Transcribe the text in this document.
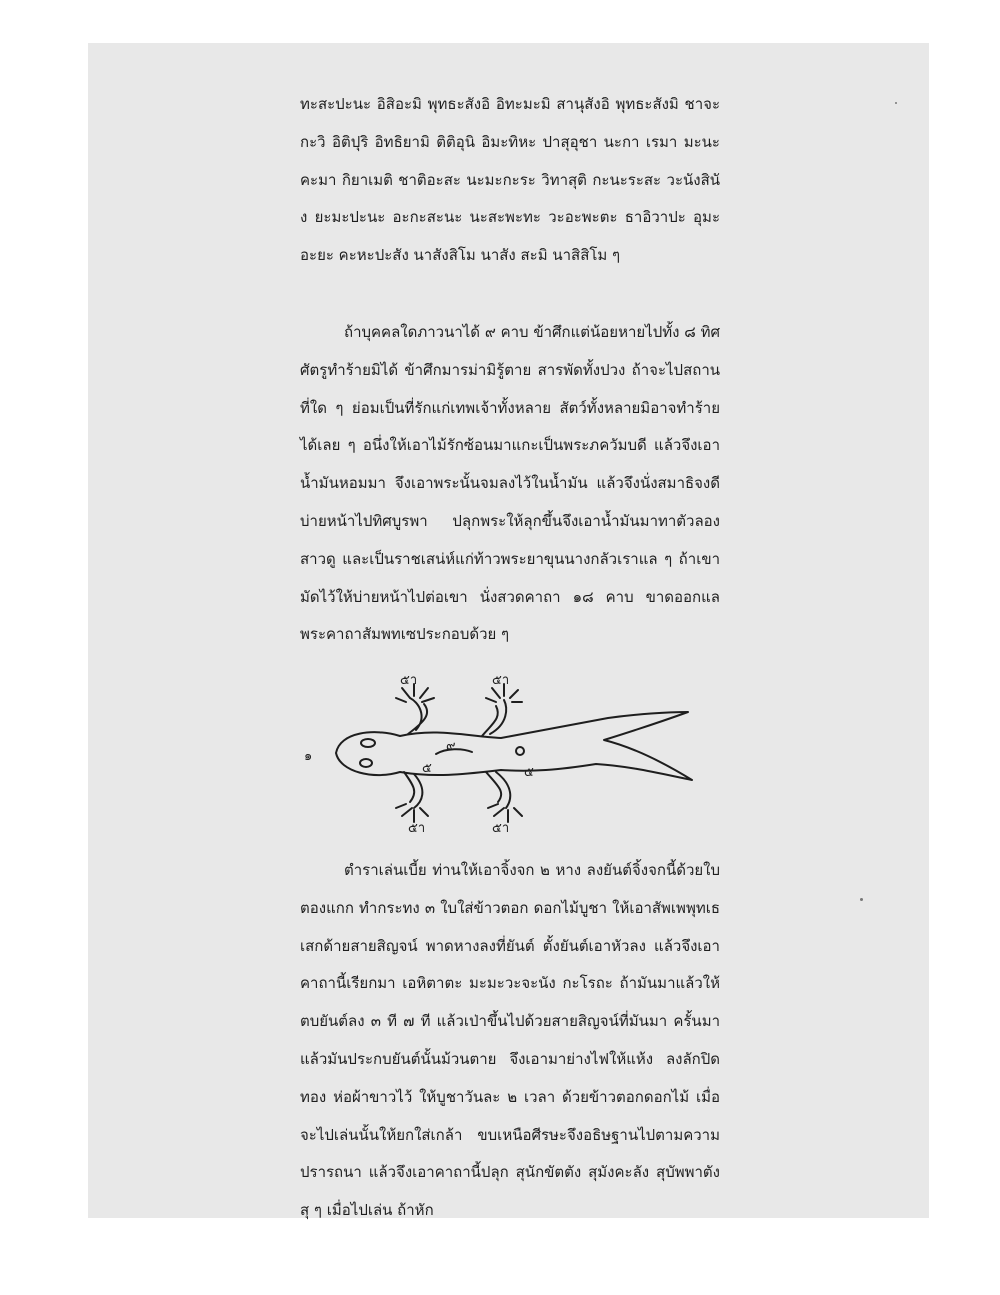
ทะสะปะนะ อิสิอะมิ พุทธะสังอิ อิทะมะมิ สานุสังอิ พุทธะสังมิ ชาจะกะวิ อิติปุริ อิทธิยามิ ติติอุนิ อิมะทิหะ ปาสุอุชา นะกา เรมา มะนะคะมา กิยาเมติ ชาติอะสะ นะมะกะระ วิทาสุติ กะนะระสะ วะนังสินัง ยะมะปะนะ อะกะสะนะ นะสะพะทะ วะอะพะตะ ธาอิวาปะ อุมะอะยะ คะหะปะสัง นาสังสิโม นาสัง สะมิ นาสิสิโม ๆ

ถ้าบุคคลใดภาวนาได้ ๙ คาบ ข้าศึกแต่น้อยหายไปทั้ง ๘ ทิศ ศัตรูทำร้ายมิได้ ข้าศึกมารม่ามิรู้ตาย สารพัดทั้งปวง ถ้าจะไปสถานที่ใด ๆ ย่อมเป็นที่รักแก่เทพเจ้าทั้งหลาย สัตว์ทั้งหลายมิอาจทำร้ายได้เลย ๆ อนึ่งให้เอาไม้รักซ้อนมาแกะเป็นพระภควัมบดี แล้วจึงเอาน้ำมันหอมมา จึงเอาพระนั้นจมลงไว้ในน้ำมัน แล้วจึงนั่งสมาธิจงดี บ่ายหน้าไปทิศบูรพา ปลุกพระให้ลุกขึ้นจึงเอาน้ำมันมาทาตัวลองสาวดู และเป็นราชเสน่ห์แก่ท้าวพระยาขุนนางกลัวเราแล ๆ ถ้าเขามัดไว้ให้บ่ายหน้าไปต่อเขา นั่งสวดคาถา ๑๘ คาบ ขาดออกแล พระคาถาสัมพทเซประกอบด้วย ๆ

๑
๕า	๕า
๕า	๕า
๙
๕	๕

ตำราเล่นเบี้ย ท่านให้เอาจิ้งจก ๒ หาง ลงยันต์จิ้งจกนี้ด้วยใบตองแกก ทำกระทง ๓ ใบใส่ข้าวตอก ดอกไม้บูชา ให้เอาสัพเพพุทเธ เสกด้ายสายสิญจน์ พาดหางลงที่ยันต์ ตั้งยันต์เอาหัวลง แล้วจึงเอาคาถานี้เรียกมา เอหิตาตะ มะมะวะจะนัง กะโรถะ ถ้ามันมาแล้วให้ตบยันต์ลง ๓ ที ๗ ที แล้วเป่าขึ้นไปด้วยสายสิญจน์ที่มันมา ครั้นมาแล้วมันประกบยันต์นั้นม้วนตาย จึงเอามาย่างไฟให้แห้ง ลงลักปิดทอง ห่อผ้าขาวไว้ ให้บูชาวันละ ๒ เวลา ด้วยข้าวตอกดอกไม้ เมื่อจะไปเล่นนั้นให้ยกใส่เกล้า ขบเหนือศีรษะจึงอธิษฐานไปตามความปรารถนา แล้วจึงเอาคาถานี้ปลุก สุนักขัตตัง สุมังคะลัง สุบัพพาตังสุ ๆ เมื่อไปเล่น ถ้าหัก
